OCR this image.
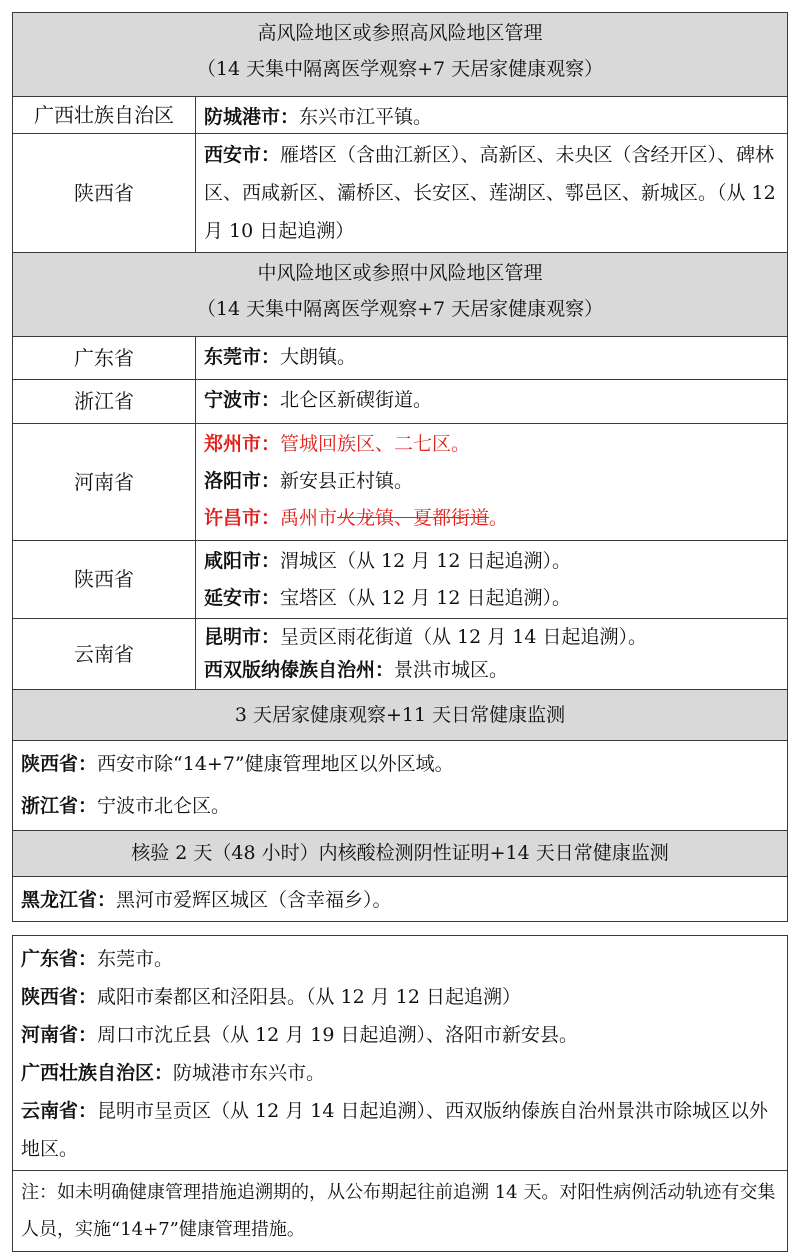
高风险地区或参照高风险地区管理
（14 天集中隔离医学观察+7 天居家健康观察）
广西壮族自治区 防城港市：东兴市江平镇。
陕西省
西安市：雁塔区（含曲江新区）、高新区、未央区（含经开区）、碑林区、西咸新区、灞桥区、长安区、莲湖区、鄠邑区、新城区。（从 12 月 10 日起追溯）
中风险地区或参照中风险地区管理
（14 天集中隔离医学观察+7 天居家健康观察）
广东省	东莞市：大朗镇。
浙江省	宁波市：北仑区新碶街道。
河南省
郑州市：管城回族区、二七区。
洛阳市：新安县正村镇。
许昌市：禹州市火龙镇、夏都街道。
陕西省
咸阳市：渭城区（从 12 月 12 日起追溯）。
延安市：宝塔区（从 12 月 12 日起追溯）。
云南省
昆明市：呈贡区雨花街道（从 12 月 14 日起追溯）。
西双版纳傣族自治州：景洪市城区。
3 天居家健康观察+11 天日常健康监测
陕西省：西安市除“14+7”健康管理地区以外区域。
浙江省：宁波市北仑区。
核验 2 天（48 小时）内核酸检测阴性证明+14 天日常健康监测
黑龙江省：黑河市爱辉区城区（含幸福乡）。
广东省：东莞市。
陕西省：咸阳市秦都区和泾阳县。（从 12 月 12 日起追溯）
河南省：周口市沈丘县（从 12 月 19 日起追溯）、洛阳市新安县。
广西壮族自治区：防城港市东兴市。
云南省：昆明市呈贡区（从 12 月 14 日起追溯）、西双版纳傣族自治州景洪市除城区以外地区。
注：如未明确健康管理措施追溯期的，从公布期起往前追溯 14 天。对阳性病例活动轨迹有交集人员，实施“14+7”健康管理措施。
